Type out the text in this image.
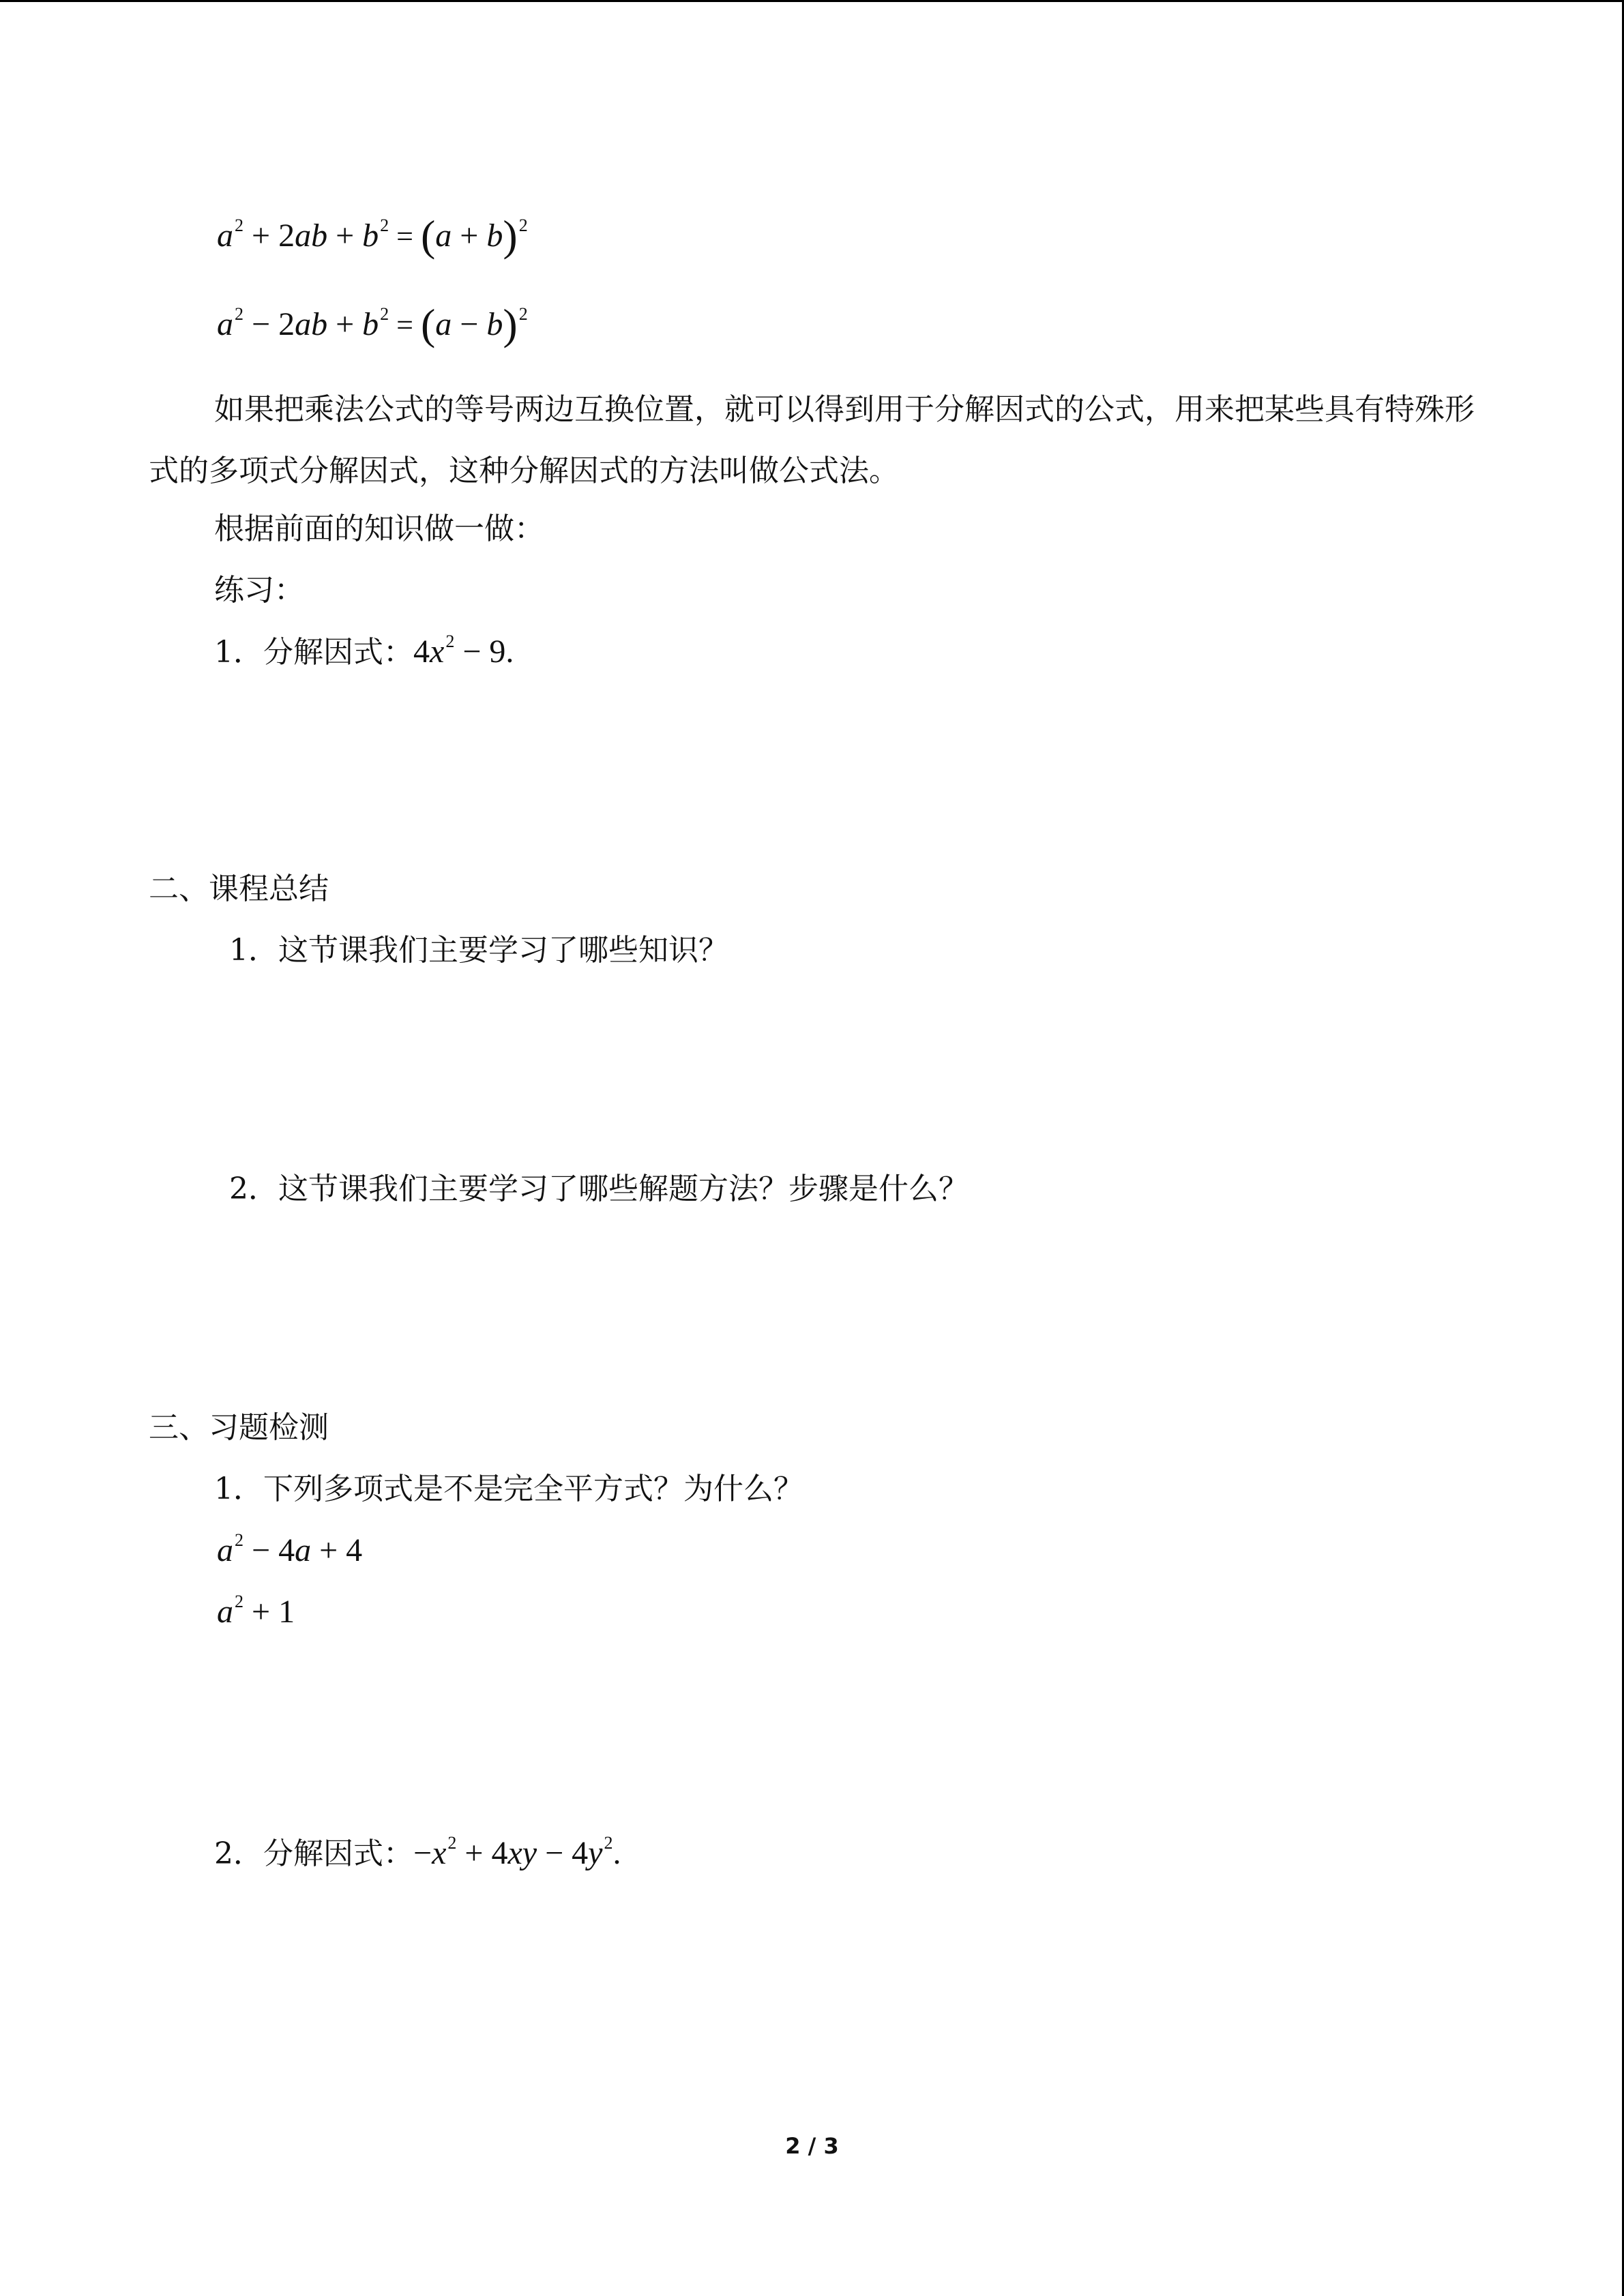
$a^2 + 2ab + b^2 = (a + b)^2$
$a^2 - 2ab + b^2 = (a - b)^2$
如果把乘法公式的等号两边互换位置，就可以得到用于分解因式的公式，用来把某些具有特殊形式的多项式分解因式，这种分解因式的方法叫做公式法。
根据前面的知识做一做：
练习：
1．分解因式：$4x^2 - 9$.
二、课程总结
1．这节课我们主要学习了哪些知识？
2．这节课我们主要学习了哪些解题方法？步骤是什么？
三、习题检测
1．下列多项式是不是完全平方式？为什么？
$a^2 - 4a + 4$
$a^2 + 1$
2．分解因式：$-x^2 + 4xy - 4y^2$.
2 / 3
